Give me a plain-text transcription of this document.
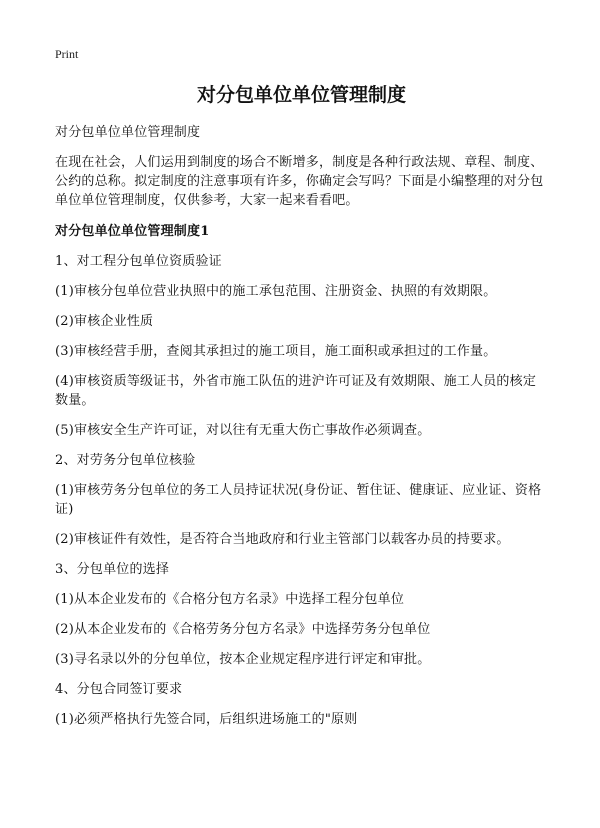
Print
对分包单位单位管理制度
对分包单位单位管理制度
在现在社会，人们运用到制度的场合不断增多，制度是各种行政法规、章程、制度、公约的总称。拟定制度的注意事项有许多，你确定会写吗？下面是小编整理的对分包单位单位管理制度，仅供参考，大家一起来看看吧。
对分包单位单位管理制度1
1、对工程分包单位资质验证
(1)审核分包单位营业执照中的施工承包范围、注册资金、执照的有效期限。
(2)审核企业性质
(3)审核经营手册，查阅其承担过的施工项目，施工面积或承担过的工作量。
(4)审核资质等级证书，外省市施工队伍的进沪许可证及有效期限、施工人员的核定数量。
(5)审核安全生产许可证，对以往有无重大伤亡事故作必须调查。
2、对劳务分包单位核验
(1)审核劳务分包单位的务工人员持证状况(身份证、暂住证、健康证、应业证、资格证)
(2)审核证件有效性，是否符合当地政府和行业主管部门以载客办员的持要求。
3、分包单位的选择
(1)从本企业发布的《合格分包方名录》中选择工程分包单位
(2)从本企业发布的《合格劳务分包方名录》中选择劳务分包单位
(3)寻名录以外的分包单位，按本企业规定程序进行评定和审批。
4、分包合同签订要求
(1)必须严格执行先签合同，后组织进场施工的"原则
